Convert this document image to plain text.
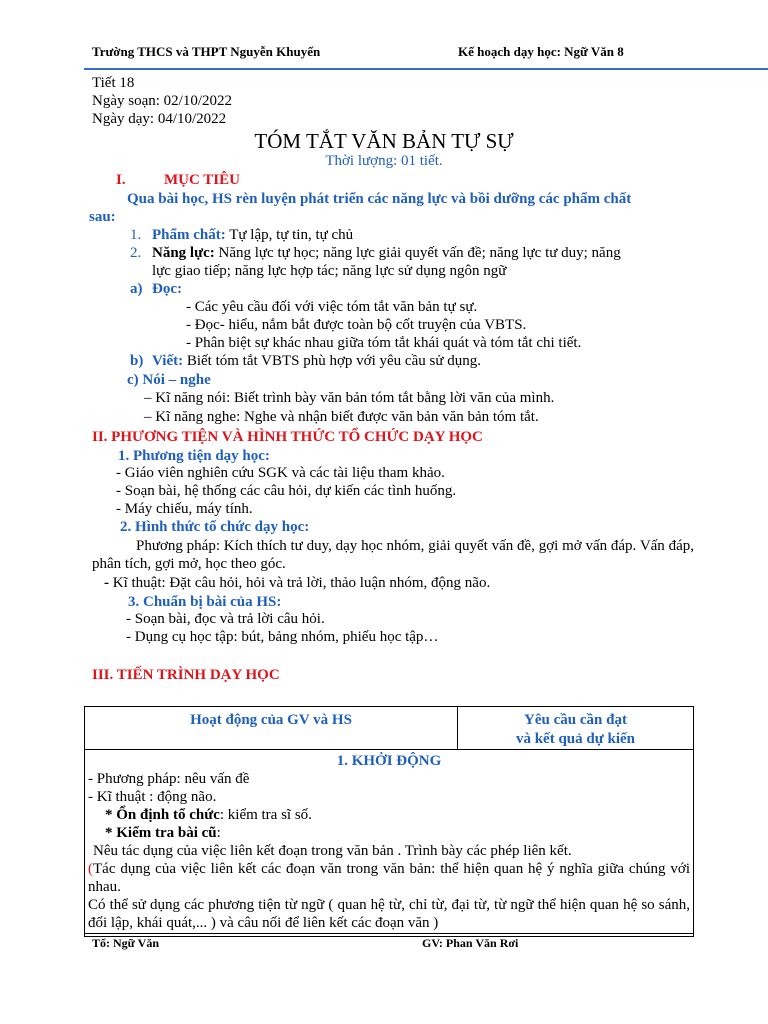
Trường THCS và THPT Nguyễn Khuyến	Kế hoạch dạy học: Ngữ Văn 8
Tiết 18
Ngày soạn: 02/10/2022
Ngày dạy: 04/10/2022
TÓM TẮT VĂN BẢN TỰ SỰ
Thời lượng: 01 tiết.
I.	MỤC TIÊU
Qua bài học, HS rèn luyện phát triển các năng lực và bồi dưỡng các phẩm chất
sau:
1. Phẩm chất: Tự lập, tự tin, tự chủ
2. Năng lực: Năng lực tự học; năng lực giải quyết vấn đề; năng lực tư duy; năng
lực giao tiếp; năng lực hợp tác; năng lực sử dụng ngôn ngữ
a) Đọc:
- Các yêu cầu đối với việc tóm tắt văn bản tự sự.
- Đọc- hiểu, nắm bắt được toàn bộ cốt truyện của VBTS.
- Phân biệt sự khác nhau giữa tóm tắt khái quát và tóm tắt chi tiết.
b) Viết: Biết tóm tắt VBTS phù hợp với yêu cầu sử dụng.
c) Nói – nghe
– Kĩ năng nói: Biết trình bày văn bản tóm tắt bằng lời văn của mình.
– Kĩ năng nghe: Nghe và nhận biết được văn bản văn bản tóm tắt.
II. PHƯƠNG TIỆN VÀ HÌNH THỨC TỔ CHỨC DẠY HỌC
1. Phương tiện dạy học:
- Giáo viên nghiên cứu SGK và các tài liệu tham khảo.
- Soạn bài, hệ thống các câu hỏi, dự kiến các tình huống.
- Máy chiếu, máy tính.
2. Hình thức tổ chức dạy học:
Phương pháp: Kích thích tư duy, dạy học nhóm, giải quyết vấn đề, gợi mở vấn đáp. Vấn đáp, phân tích, gợi mở, học theo góc.
- Kĩ thuật: Đặt câu hỏi, hỏi và trả lời, thảo luận nhóm, động não.
3. Chuẩn bị bài của HS:
- Soạn bài, đọc và trả lời câu hỏi.
- Dụng cụ học tập: bút, bảng nhóm, phiếu học tập…
III. TIẾN TRÌNH DẠY HỌC
Hoạt động của GV và HS	Yêu cầu cần đạt
và kết quả dự kiến

1. KHỞI ĐỘNG
- Phương pháp: nêu vấn đề
- Kĩ thuật : động não.
* Ổn định tổ chức: kiểm tra sĩ số.
* Kiểm tra bài cũ:
Nêu tác dụng của việc liên kết đoạn trong văn bản . Trình bày các phép liên kết.
(Tác dụng của việc liên kết các đoạn văn trong văn bản: thể hiện quan hệ ý nghĩa giữa chúng với nhau.
Có thể sử dụng các phương tiện từ ngữ ( quan hệ từ, chỉ từ, đại từ, từ ngữ thể hiện quan hệ so sánh, đối lập, khái quát,... ) và câu nối để liên kết các đoạn văn )
Tổ: Ngữ Văn	GV: Phan Văn Rơi
